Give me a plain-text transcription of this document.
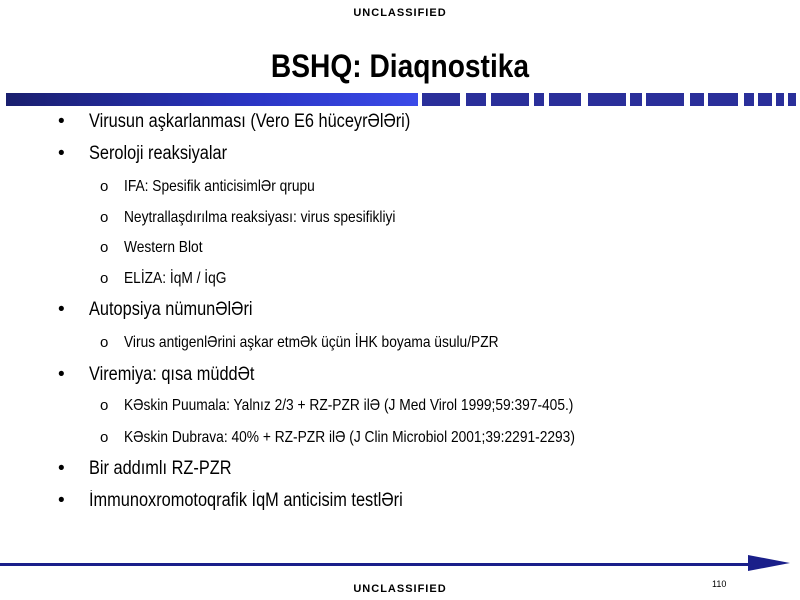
UNCLASSIFIED
BSHQ: Diaqnostika
• Virusun aşkarlanması (Vero E6 hüceyrƏlƏri)
• Seroloji reaksiyalar
o IFA: Spesifik anticisimlƏr qrupu
o Neytrallaşdırılma reaksiyası: virus spesifikliyi
o Western Blot
o ELİZA: İqM / İqG
• Autopsiya nümunƏlƏri
o Virus antigenlƏrini aşkar etmƏk üçün İHK boyama üsulu/PZR
• Viremiya: qısa müddƏt
o KƏskin Puumala: Yalnız 2/3 + RZ-PZR ilƏ (J Med Virol 1999;59:397-405.)
o KƏskin Dubrava: 40% + RZ-PZR ilƏ (J Clin Microbiol 2001;39:2291-2293)
• Bir addımlı RZ-PZR
• İmmunoxromotoqrafik İqM anticisim testlƏri
UNCLASSIFIED	110
